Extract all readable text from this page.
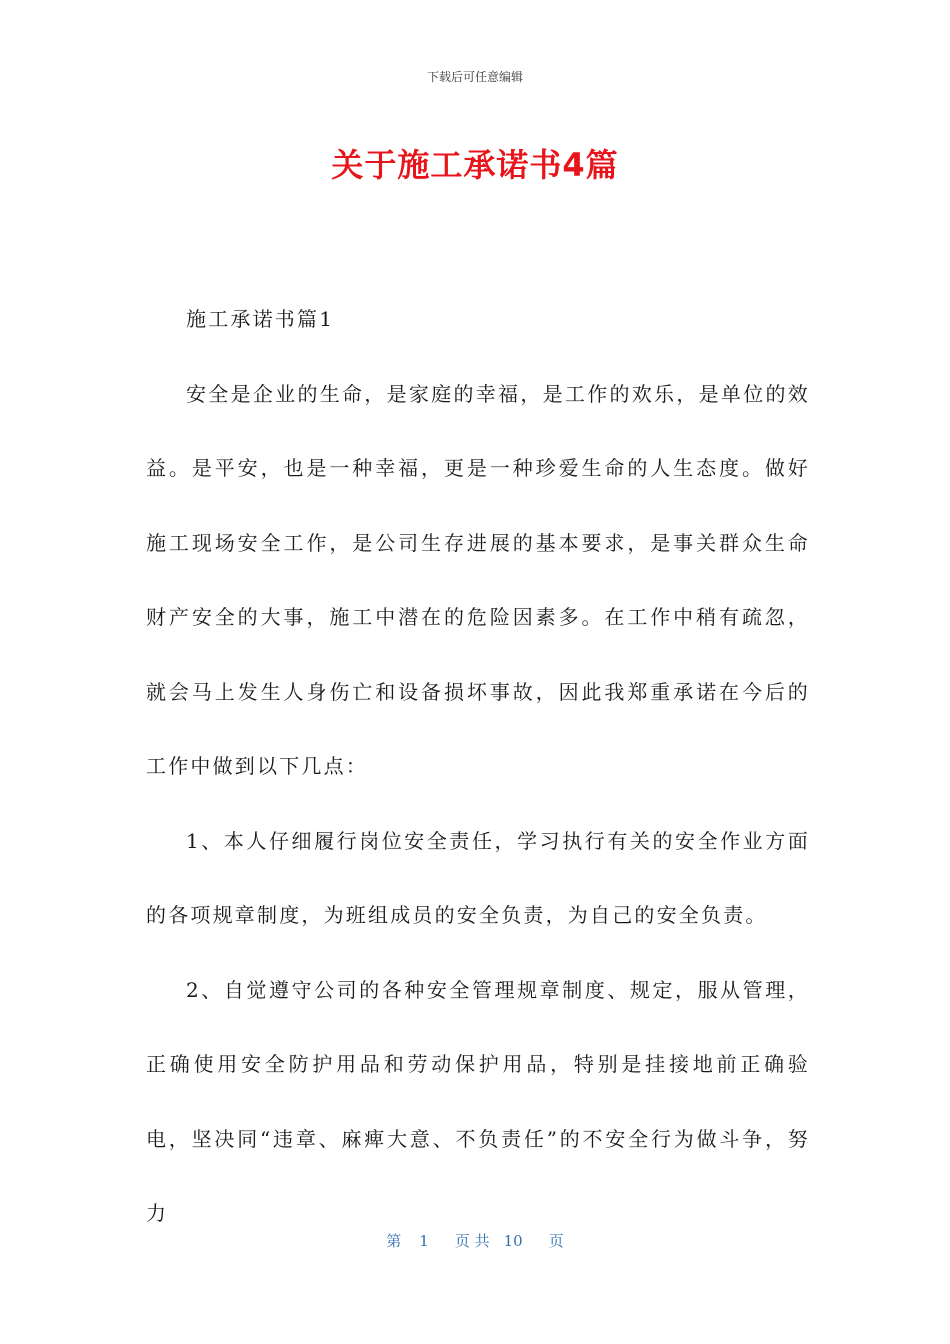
下载后可任意编辑
关于施工承诺书4篇

施工承诺书篇1

安全是企业的生命，是家庭的幸福，是工作的欢乐，是单位的效益。是平安，也是一种幸福，更是一种珍爱生命的人生态度。做好施工现场安全工作，是公司生存进展的基本要求，是事关群众生命财产安全的大事，施工中潜在的危险因素多。在工作中稍有疏忽，就会马上发生人身伤亡和设备损坏事故，因此我郑重承诺在今后的工作中做到以下几点：

1、本人仔细履行岗位安全责任，学习执行有关的安全作业方面的各项规章制度，为班组成员的安全负责，为自己的安全负责。

2、自觉遵守公司的各种安全管理规章制度、规定，服从管理，正确使用安全防护用品和劳动保护用品，特别是挂接地前正确验电，坚决同“违章、麻痺大意、不负责任”的不安全行为做斗争，努力

第 1 页 共 10 页
